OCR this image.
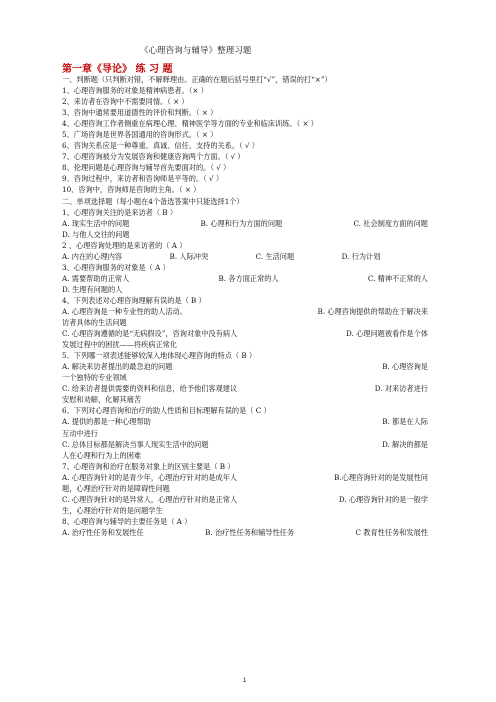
《心理咨询与辅导》整理习题
第一章《导论》 练 习 题
一、判断题（只判断对错，不解释理由。正确的在题后括号里打“√”，错误的打“×”）
1、心理咨询服务的对象是精神病患者。（× ）
2、来访者在咨询中不需要同情。（ × ）
3、咨询中通常要用道德性的评价和判断。（ × ）
4、心理咨询工作者侧重在病理心理、精神医学等方面的专业和临床训练。（ × ）
5、广场咨询是世界各国通用的咨询形式。（ × ）
6、咨询关系应是一种尊重、真诚、信任、支持的关系。（ √ ）
7、心理咨询被分为发展咨询和健康咨询两个方面。（ √ ）
8、伦理问题是心理咨询与辅导首先要面对的。（ √ ）
9、咨询过程中，来访者和咨询师是平等的。（ √ ）
10、咨询中，咨询师是咨询的主角。（ × ）
二、单项选择题（每小题在4个备选答案中只能选择1个）
1、心理咨询关注的是来访者（ B ）
A. 现实生活中的问题	B. 心理和行为方面的问题	C. 社会制度方面的问题
D. 与他人交往的问题
2 、心理咨询处理的是来访者的（ A ）
A. 内在的心理内容	B. 人际冲突	C. 生活问题	D. 行为计划
3、心理咨询服务的对象是（ A ）
A. 需要帮助的正常人	B. 各方面正常的人	C. 精神不正常的人
D. 生理有问题的人
4、下列表述对心理咨询理解有误的是（ B ）
A. 心理咨询是一种专业性的助人活动。	B. 心理咨询提供的帮助在于解决来
访者具体的生活问题
C. 心理咨询遵循的是“无病假设”，咨询对象中没有病人	D. 心理问题被看作是个体
发展过程中的困扰——将疾病正常化
5、下列哪一项表述能够较深入地体现心理咨询的特点（ B ）
A. 解决来访者提出的最急迫的问题	B. 心理咨询是
一个独特的专业领域
C. 给来访者提供需要的资料和信息，给予他们客观建议	D. 对来访者进行
安慰和劝解，化解其痛苦
6、下列对心理咨询和治疗的助人性质和目标理解有误的是（ C ）
A. 提供的都是一种心理帮助	B. 都是在人际
互动中进行
C. 总体目标都是解决当事人现实生活中的问题	D. 解决的都是
人在心理和行为上的困难
7、心理咨询和治疗在服务对象上的区别主要是（ B ）
A. 心理咨询针对的是青少年，心理治疗针对的是成年人	B.心理咨询针对的是发展性问
题，心理治疗针对的是障碍性问题
C. 心理咨询针对的是异常人，心理治疗针对的是正常人	D. 心理咨询针对的是一般学
生，心理治疗针对的是问题学生
8、心理咨询与辅导的主要任务是（ A ）
A. 治疗性任务和发展性任	B. 治疗性任务和辅导性任务	C 教育性任务和发展性
1
